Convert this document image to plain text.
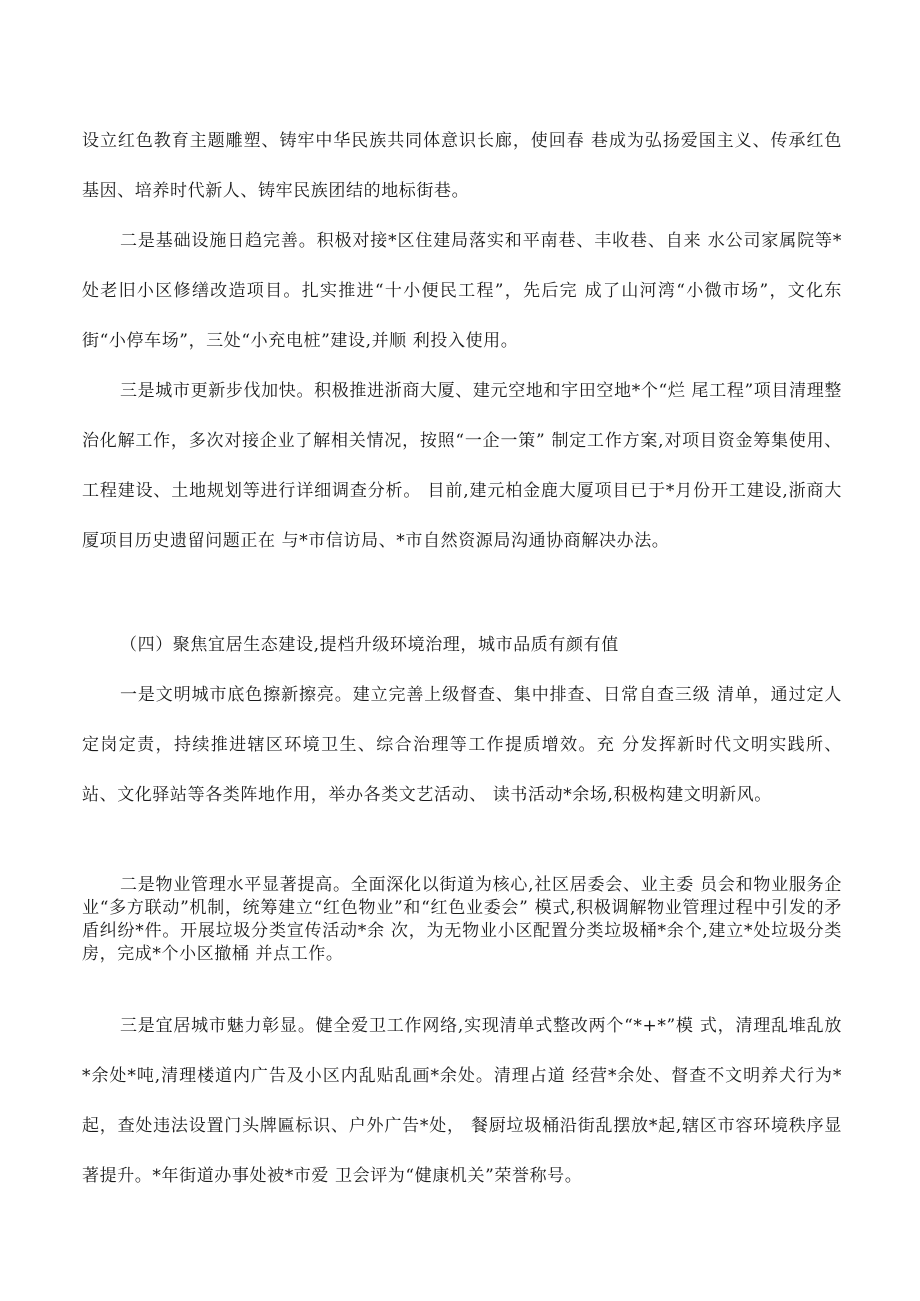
设立红色教育主题雕塑、铸牢中华民族共同体意识长廊，使回春 巷成为弘扬爱国主义、传承红色基因、培养时代新人、铸牢民族团结的地标街巷。

二是基础设施日趋完善。积极对接*区住建局落实和平南巷、丰收巷、自来 水公司家属院等*处老旧小区修缮改造项目。扎实推进“十小便民工程”，先后完 成了山河湾“小微市场”，文化东街“小停车场”，三处“小充电桩”建设,并顺 利投入使用。

三是城市更新步伐加快。积极推进浙商大厦、建元空地和宇田空地*个“烂 尾工程”项目清理整治化解工作，多次对接企业了解相关情况，按照“一企一策” 制定工作方案,对项目资金筹集使用、工程建设、土地规划等进行详细调查分析。 目前,建元柏金鹿大厦项目已于*月份开工建设,浙商大厦项目历史遗留问题正在 与*市信访局、*市自然资源局沟通协商解决办法。

（四）聚焦宜居生态建设,提档升级环境治理，城市品质有颜有值

一是文明城市底色擦新擦亮。建立完善上级督查、集中排查、日常自查三级 清单，通过定人定岗定责，持续推进辖区环境卫生、综合治理等工作提质增效。充 分发挥新时代文明实践所、站、文化驿站等各类阵地作用，举办各类文艺活动、 读书活动*余场,积极构建文明新风。

二是物业管理水平显著提高。全面深化以街道为核心,社区居委会、业主委 员会和物业服务企业“多方联动”机制，统筹建立“红色物业”和“红色业委会” 模式,积极调解物业管理过程中引发的矛盾纠纷*件。开展垃圾分类宣传活动*余 次，为无物业小区配置分类垃圾桶*余个,建立*处垃圾分类房，完成*个小区撤桶 并点工作。

三是宜居城市魅力彰显。健全爱卫工作网络,实现清单式整改两个“*+*”模 式，清理乱堆乱放*余处*吨,清理楼道内广告及小区内乱贴乱画*余处。清理占道 经营*余处、督查不文明养犬行为*起，查处违法设置门头牌匾标识、户外广告*处， 餐厨垃圾桶沿街乱摆放*起,辖区市容环境秩序显著提升。*年街道办事处被*市爱 卫会评为“健康机关”荣誉称号。
